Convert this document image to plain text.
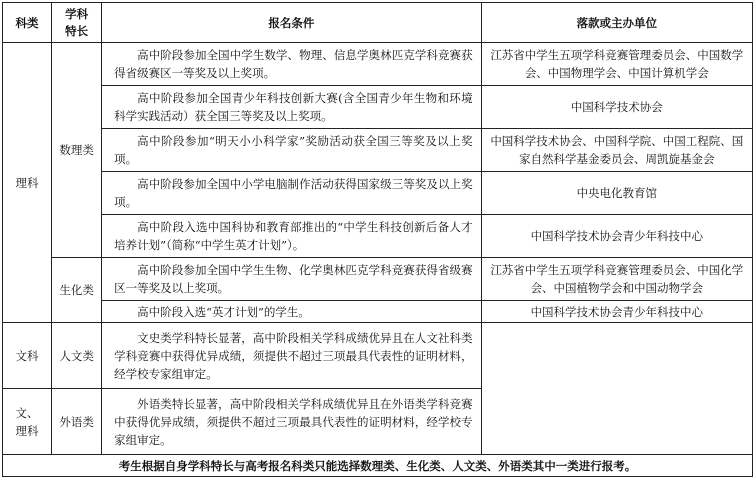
科类	学科特长	报名条件	落款或主办单位
理科	数理类	高中阶段参加全国中学生数学、物理、信息学奥林匹克学科竞赛获得省级赛区一等奖及以上奖项。	江苏省中学生五项学科竞赛管理委员会、中国数学会、中国物理学会、中国计算机学会
		高中阶段参加全国青少年科技创新大赛(含全国青少年生物和环境科学实践活动）获全国三等奖及以上奖项。	中国科学技术协会
		高中阶段参加“明天小小科学家”奖励活动获全国三等奖及以上奖项。	中国科学技术协会、中国科学院、中国工程院、国家自然科学基金委员会、周凯旋基金会
		高中阶段参加全国中小学电脑制作活动获得国家级三等奖及以上奖项。	中央电化教育馆
		高中阶段入选中国科协和教育部推出的“中学生科技创新后备人才培养计划”（简称“中学生英才计划”）。	中国科学技术协会青少年科技中心
	生化类	高中阶段参加全国中学生生物、化学奥林匹克学科竞赛获得省级赛区一等奖及以上奖项。	江苏省中学生五项学科竞赛管理委员会、中国化学会、中国植物学会和中国动物学会
		高中阶段入选“英才计划”的学生。	中国科学技术协会青少年科技中心
文科	人文类	文史类学科特长显著，高中阶段相关学科成绩优异且在人文社科类学科竞赛中获得优异成绩，须提供不超过三项最具代表性的证明材料，经学校专家组审定。	
文、理科	外语类	外语类特长显著，高中阶段相关学科成绩优异且在外语类学科竞赛中获得优异成绩，须提供不超过三项最具代表性的证明材料，经学校专家组审定。	
考生根据自身学科特长与高考报名科类只能选择数理类、生化类、人文类、外语类其中一类进行报考。			
